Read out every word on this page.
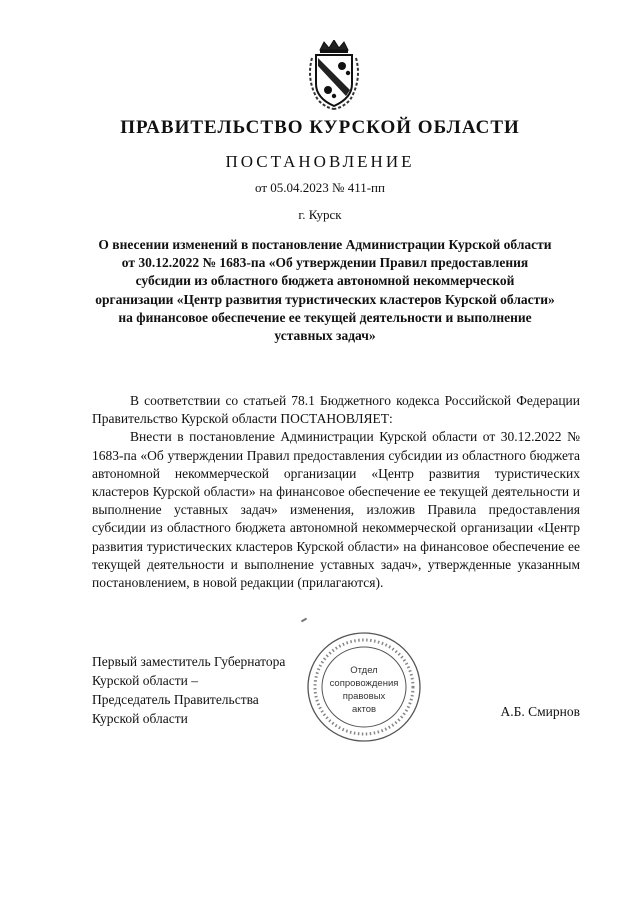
ПРАВИТЕЛЬСТВО КУРСКОЙ ОБЛАСТИ
ПОСТАНОВЛЕНИЕ
от 05.04.2023 № 411-пп
г. Курск
О внесении изменений в постановление Администрации Курской области от 30.12.2022 № 1683-па «Об утверждении Правил предоставления субсидии из областного бюджета автономной некоммерческой организации «Центр развития туристических кластеров Курской области» на финансовое обеспечение ее текущей деятельности и выполнение уставных задач»

В соответствии со статьей 78.1 Бюджетного кодекса Российской Федерации Правительство Курской области ПОСТАНОВЛЯЕТ:

Внести в постановление Администрации Курской области от 30.12.2022 № 1683-па «Об утверждении Правил предоставления субсидии из областного бюджета автономной некоммерческой организации «Центр развития туристических кластеров Курской области» на финансовое обеспечение ее текущей деятельности и выполнение уставных задач» изменения, изложив Правила предоставления субсидии из областного бюджета автономной некоммерческой организации «Центр развития туристических кластеров Курской области» на финансовое обеспечение ее текущей деятельности и выполнение уставных задач», утвержденные указанным постановлением, в новой редакции (прилагаются).

Отдел
сопровождения
правовых
актов
Первый заместитель Губернатора
Курской области –
Председатель Правительства
Курской области	А.Б. Смирнов
